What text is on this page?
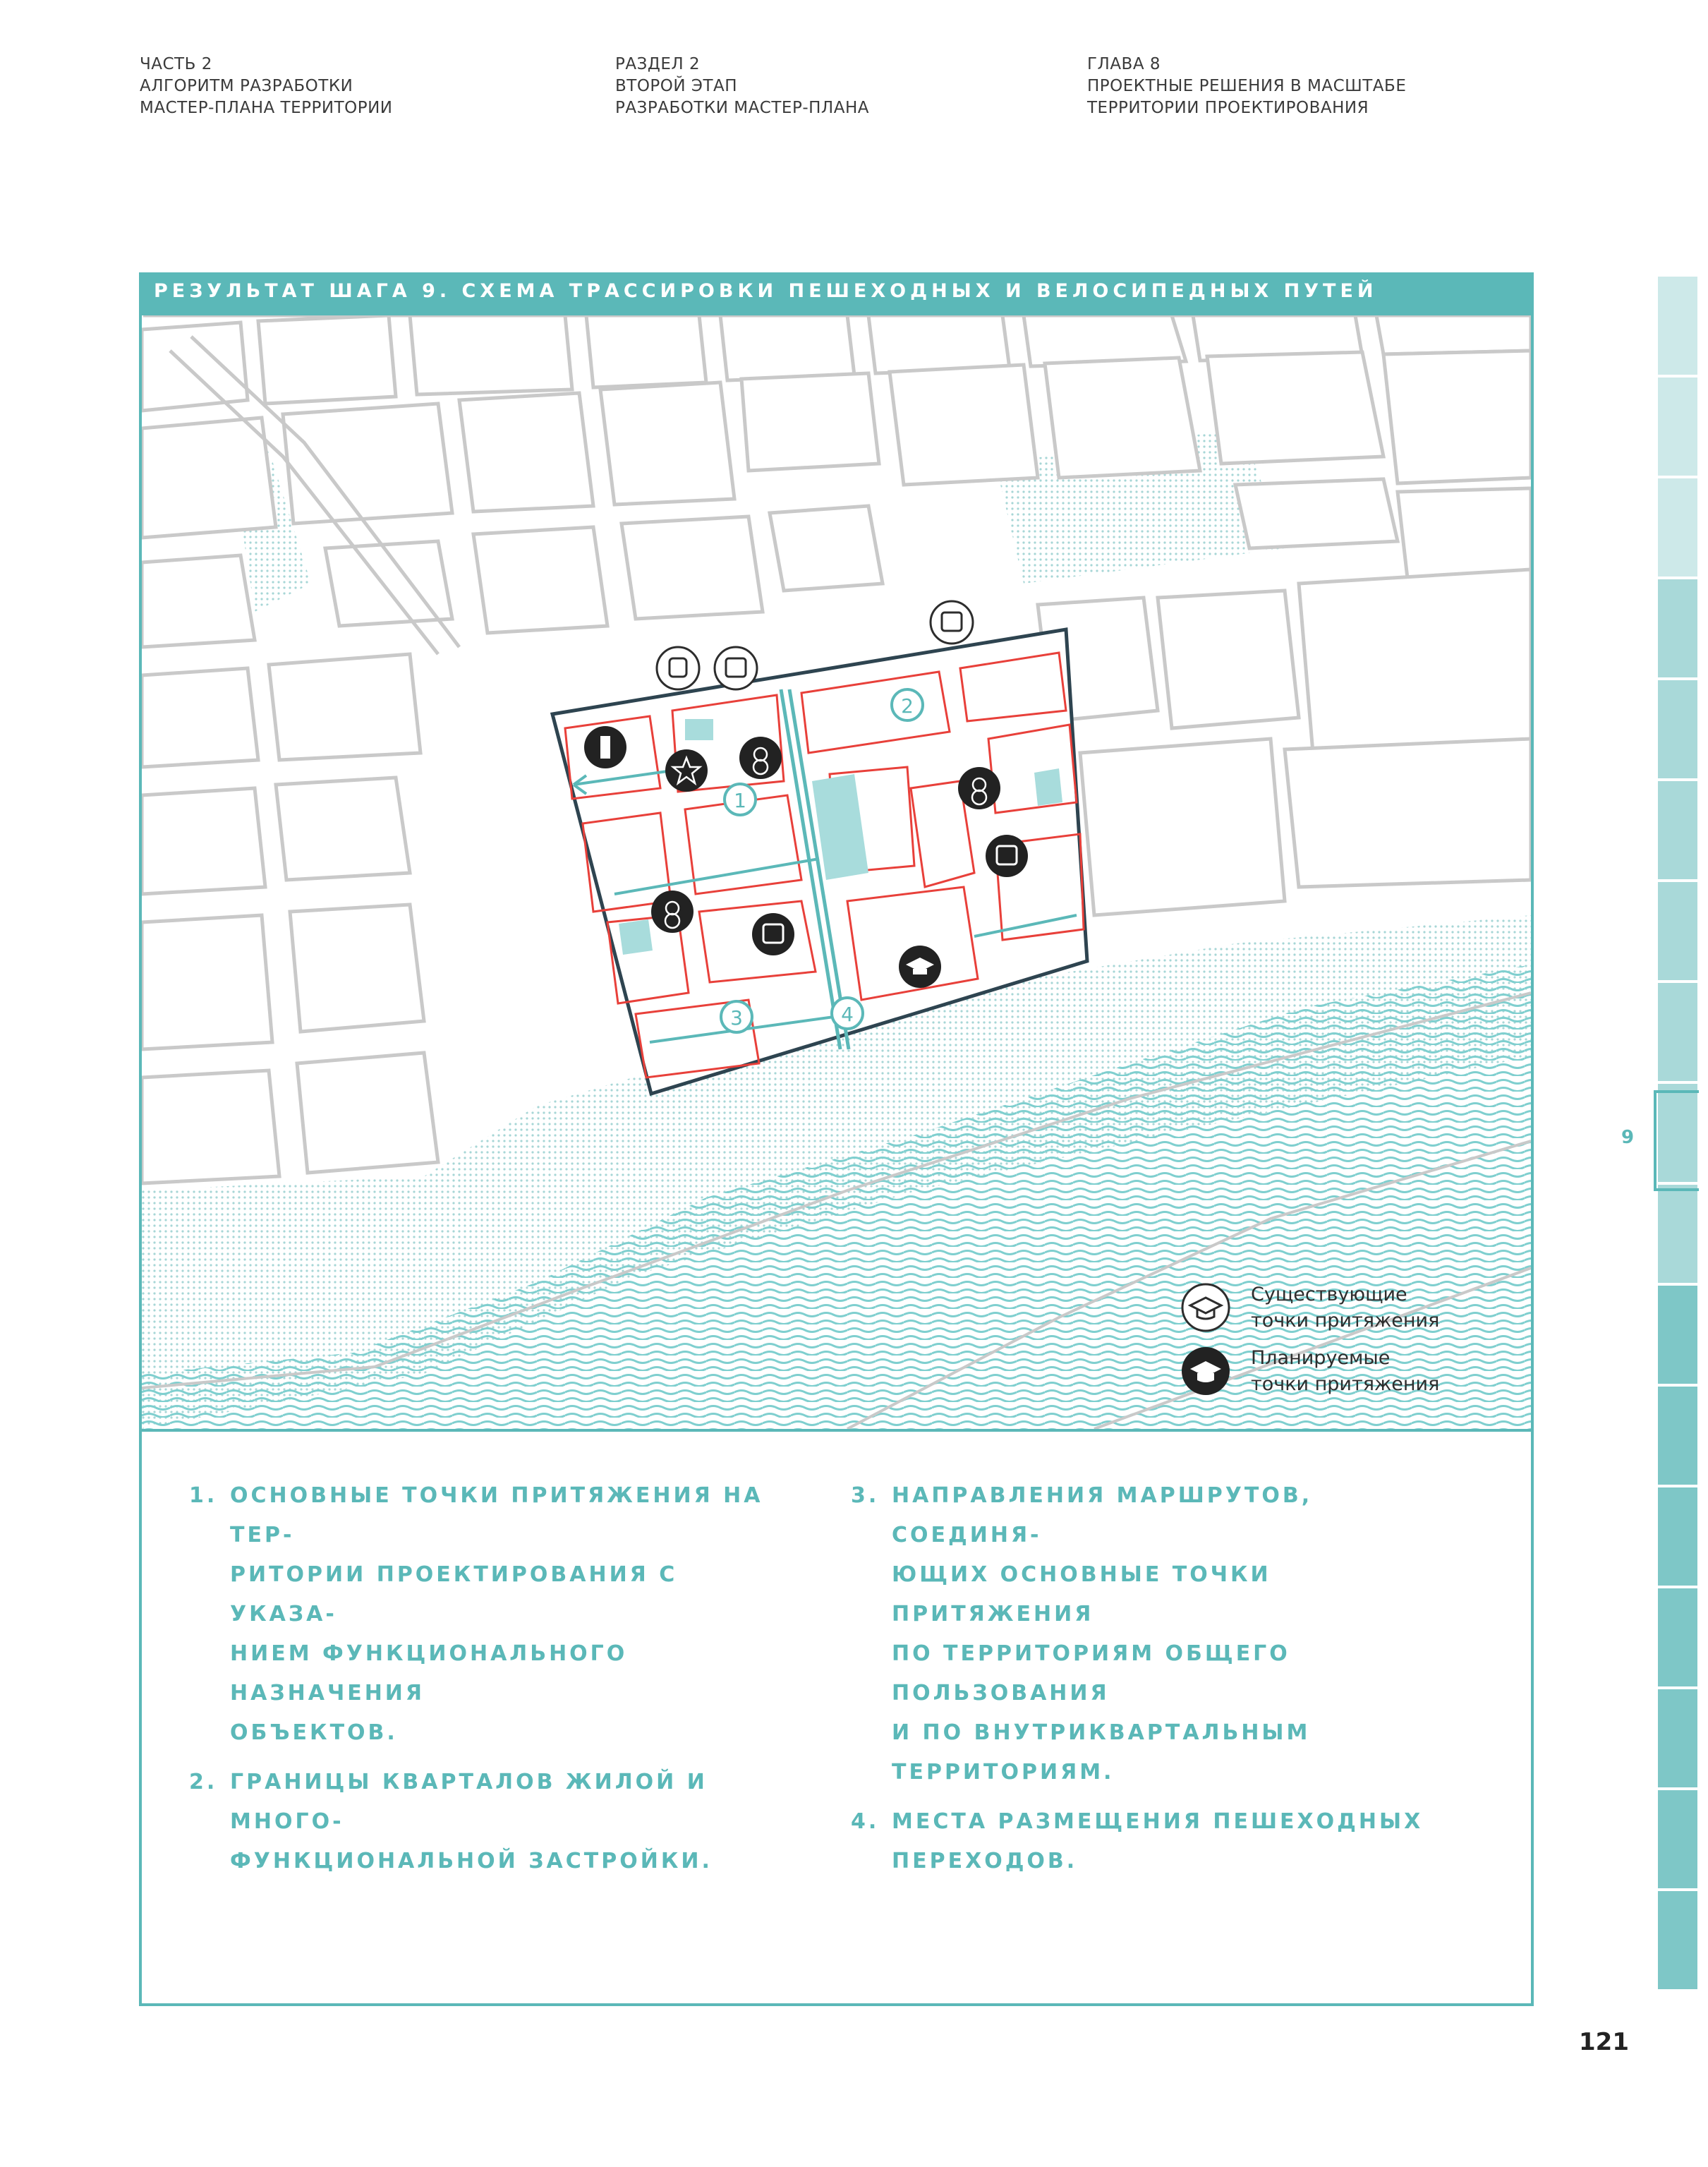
ЧАСТЬ 2
АЛГОРИТМ РАЗРАБОТКИ
МАСТЕР-ПЛАНА ТЕРРИТОРИИ
РАЗДЕЛ 2
ВТОРОЙ ЭТАП
РАЗРАБОТКИ МАСТЕР-ПЛАНА
ГЛАВА 8
ПРОЕКТНЫЕ РЕШЕНИЯ В МАСШТАБЕ
ТЕРРИТОРИИ ПРОЕКТИРОВАНИЯ
9
РЕЗУЛЬТАТ ШАГА 9. СХЕМА ТРАССИРОВКИ ПЕШЕХОДНЫХ И ВЕЛОСИПЕДНЫХ ПУТЕЙ
1
2
3	4
Существующие
точки притяжения
Планируемые
точки притяжения
1. ОСНОВНЫЕ ТОЧКИ ПРИТЯЖЕНИЯ НА ТЕР-
РИТОРИИ ПРОЕКТИРОВАНИЯ С УКАЗА-
НИЕМ ФУНКЦИОНАЛЬНОГО НАЗНАЧЕНИЯ
ОБЪЕКТОВ.
2. ГРАНИЦЫ КВАРТАЛОВ ЖИЛОЙ И МНОГО-
ФУНКЦИОНАЛЬНОЙ ЗАСТРОЙКИ.
3. НАПРАВЛЕНИЯ МАРШРУТОВ, СОЕДИНЯ-
ЮЩИХ ОСНОВНЫЕ ТОЧКИ ПРИТЯЖЕНИЯ
ПО ТЕРРИТОРИЯМ ОБЩЕГО ПОЛЬЗОВАНИЯ
И ПО ВНУТРИКВАРТАЛЬНЫМ ТЕРРИТОРИЯМ.
4. МЕСТА РАЗМЕЩЕНИЯ ПЕШЕХОДНЫХ
ПЕРЕХОДОВ.
121
